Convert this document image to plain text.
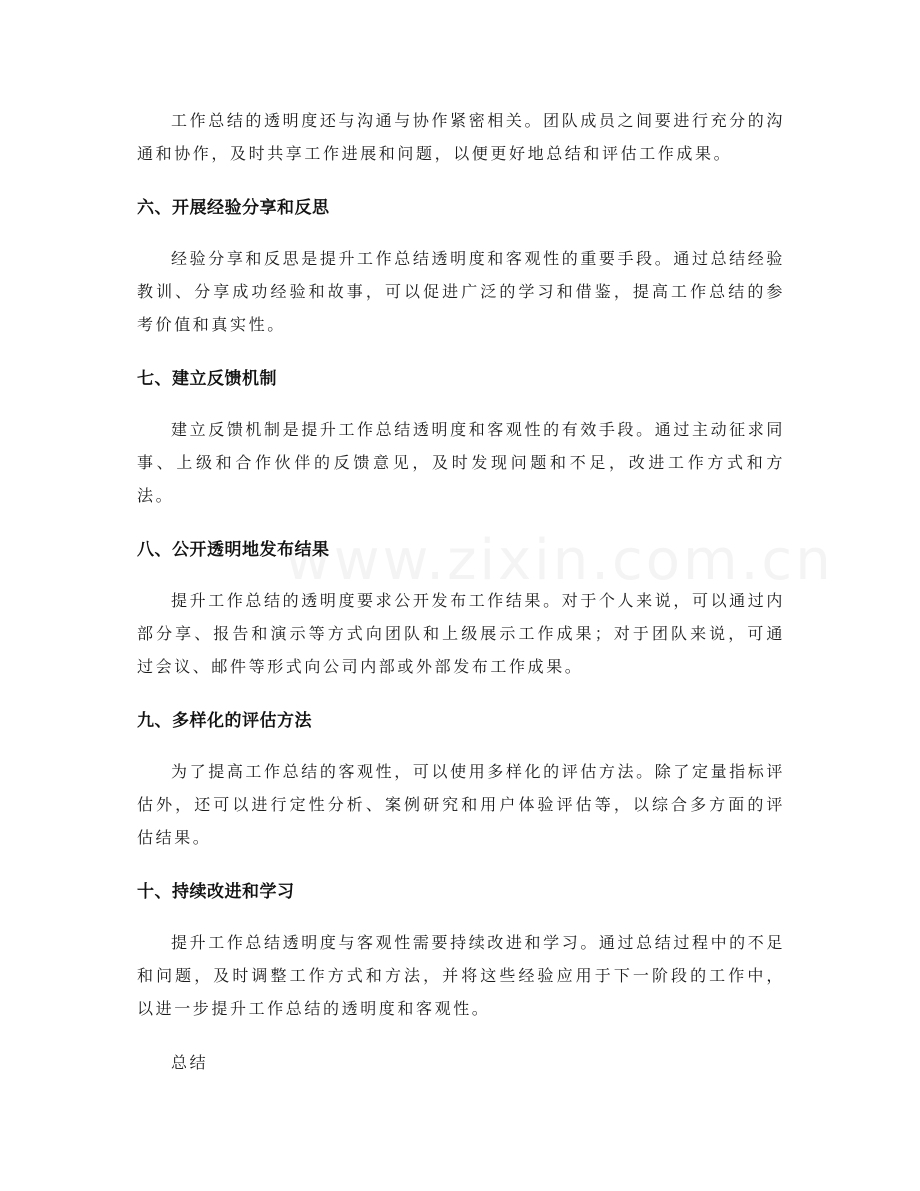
www.zixin.com.cn

工作总结的透明度还与沟通与协作紧密相关。团队成员之间要进行充分的沟通和协作，及时共享工作进展和问题，以便更好地总结和评估工作成果。

六、开展经验分享和反思

经验分享和反思是提升工作总结透明度和客观性的重要手段。通过总结经验教训、分享成功经验和故事，可以促进广泛的学习和借鉴，提高工作总结的参考价值和真实性。

七、建立反馈机制

建立反馈机制是提升工作总结透明度和客观性的有效手段。通过主动征求同事、上级和合作伙伴的反馈意见，及时发现问题和不足，改进工作方式和方法。

八、公开透明地发布结果

提升工作总结的透明度要求公开发布工作结果。对于个人来说，可以通过内部分享、报告和演示等方式向团队和上级展示工作成果；对于团队来说，可通过会议、邮件等形式向公司内部或外部发布工作成果。

九、多样化的评估方法

为了提高工作总结的客观性，可以使用多样化的评估方法。除了定量指标评估外，还可以进行定性分析、案例研究和用户体验评估等，以综合多方面的评估结果。

十、持续改进和学习

提升工作总结透明度与客观性需要持续改进和学习。通过总结过程中的不足和问题，及时调整工作方式和方法，并将这些经验应用于下一阶段的工作中，以进一步提升工作总结的透明度和客观性。

总结
